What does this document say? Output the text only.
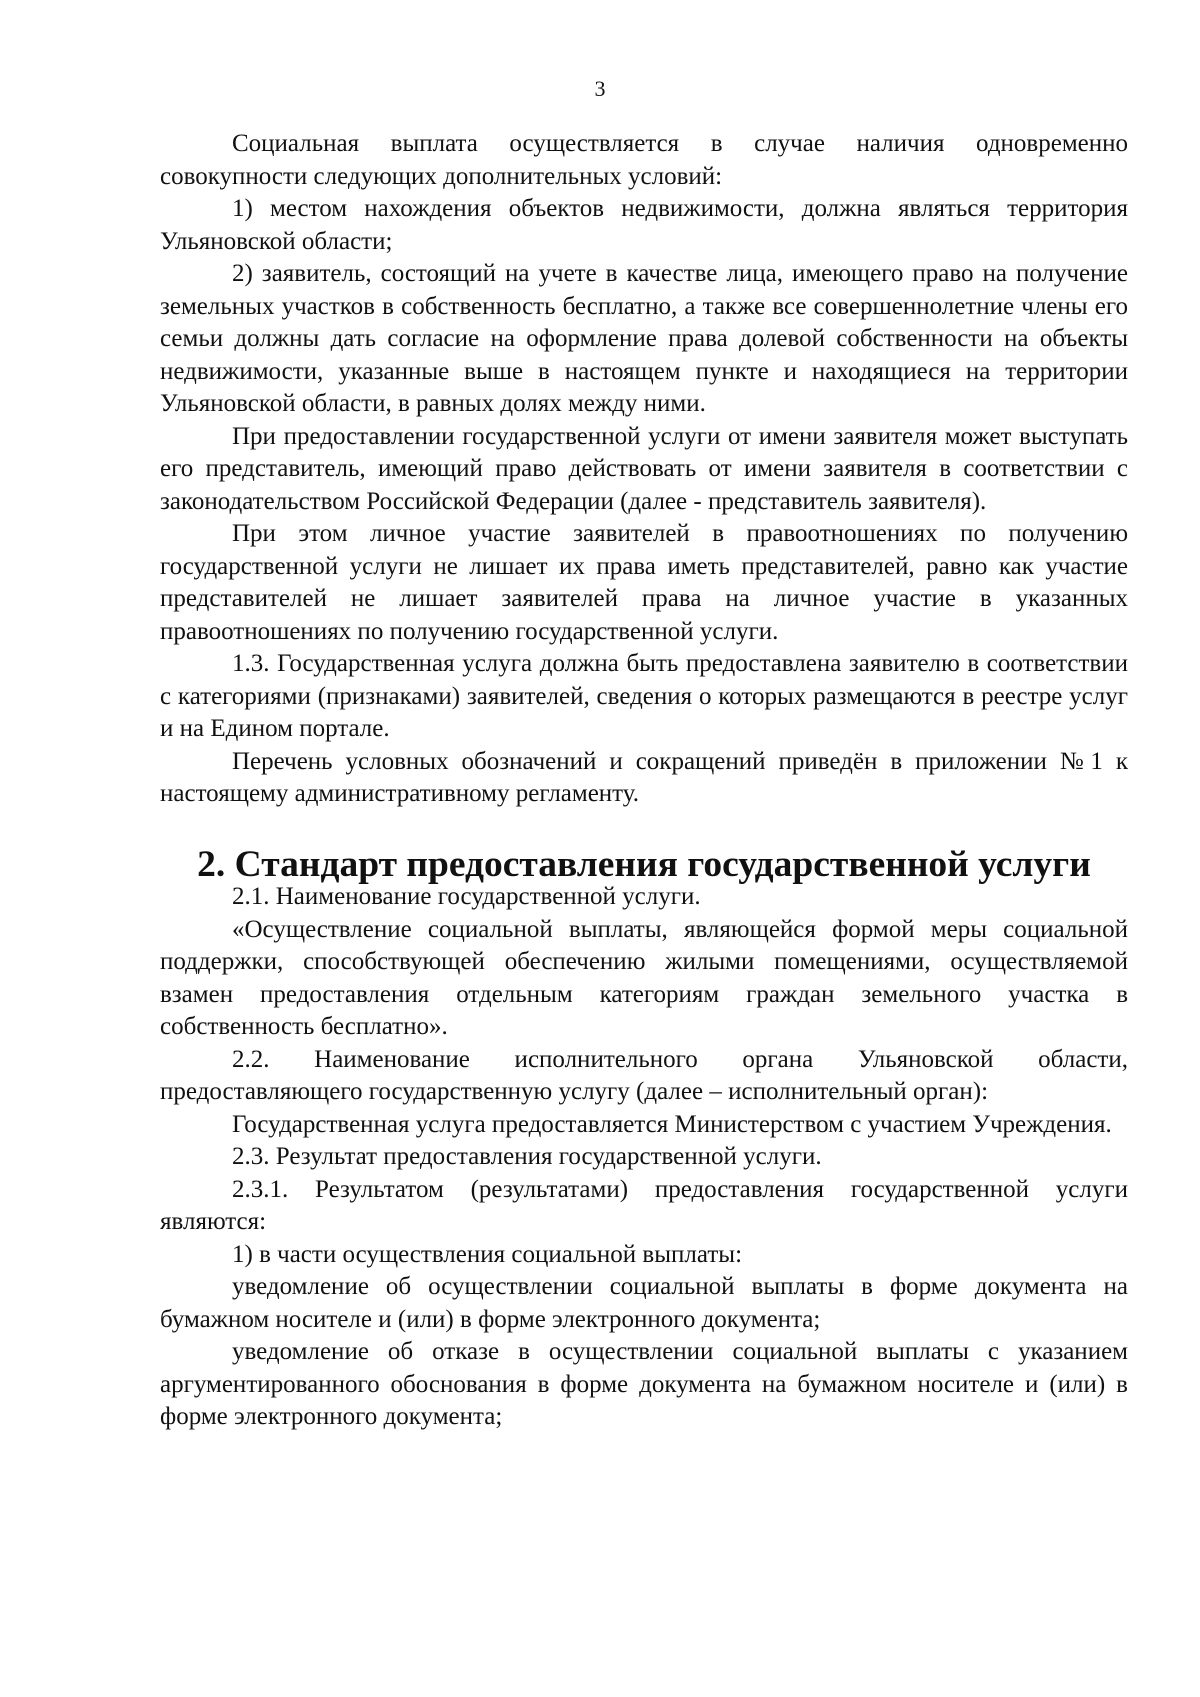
3

Социальная выплата осуществляется в случае наличия одновременно совокупности следующих дополнительных условий:

1) местом нахождения объектов недвижимости, должна являться территория Ульяновской области;

2) заявитель, состоящий на учете в качестве лица, имеющего право на получение земельных участков в собственность бесплатно, а также все совершеннолетние члены его семьи должны дать согласие на оформление права долевой собственности на объекты недвижимости, указанные выше в настоящем пункте и находящиеся на территории Ульяновской области, в равных долях между ними.

При предоставлении государственной услуги от имени заявителя может выступать его представитель, имеющий право действовать от имени заявителя в соответствии с законодательством Российской Федерации (далее - представитель заявителя).

При этом личное участие заявителей в правоотношениях по получению государственной услуги не лишает их права иметь представителей, равно как участие представителей не лишает заявителей права на личное участие в указанных правоотношениях по получению государственной услуги.

1.3. Государственная услуга должна быть предоставлена заявителю в соответствии с категориями (признаками) заявителей, сведения о которых размещаются в реестре услуг и на Едином портале.

Перечень условных обозначений и сокращений приведён в приложении №1 к настоящему административному регламенту.

2. Стандарт предоставления государственной услуги

2.1. Наименование государственной услуги.

«Осуществление социальной выплаты, являющейся формой меры социальной поддержки, способствующей обеспечению жилыми помещениями, осуществляемой взамен предоставления отдельным категориям граждан земельного участка в собственность бесплатно».

2.2. Наименование исполнительного органа Ульяновской области, предоставляющего государственную услугу (далее – исполнительный орган):

Государственная услуга предоставляется Министерством с участием Учреждения.

2.3. Результат предоставления государственной услуги.

2.3.1. Результатом (результатами) предоставления государственной услуги являются:

1) в части осуществления социальной выплаты:

уведомление об осуществлении социальной выплаты в форме документа на бумажном носителе и (или) в форме электронного документа;

уведомление об отказе в осуществлении социальной выплаты с указанием аргументированного обоснования в форме документа на бумажном носителе и (или) в форме электронного документа;
